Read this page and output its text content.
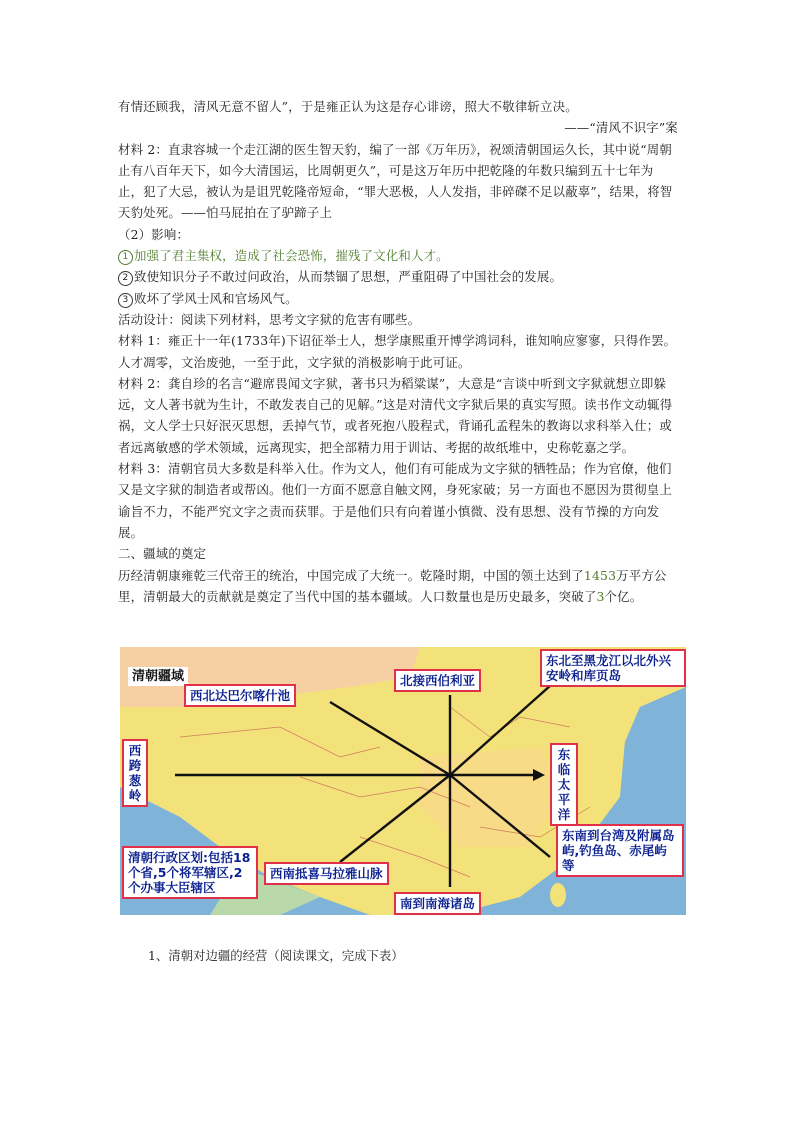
有情还顾我，清风无意不留人”，于是雍正认为这是存心诽谤，照大不敬律斩立决。

——“清风不识字”案

材料 2：直隶容城一个走江湖的医生智天豹，编了一部《万年历》，祝颂清朝国运久长，其中说“周朝止有八百年天下，如今大清国运，比周朝更久”，可是这万年历中把乾隆的年数只编到五十七年为止，犯了大忌，被认为是诅咒乾隆帝短命，“罪大恶极，人人发指，非碎磔不足以蔽辜”，结果，将智天豹处死。——怕马屁拍在了驴蹄子上

（2）影响：

1 加强了君主集权，造成了社会恐怖，摧残了文化和人才。

2 致使知识分子不敢过问政治，从而禁锢了思想，严重阻碍了中国社会的发展。

3 败坏了学风士风和官场风气。

活动设计：阅读下列材料，思考文字狱的危害有哪些。

材料 1：雍正十一年(1733年)下诏征举士人，想学康熙重开博学鸿词科，谁知响应寥寥，只得作罢。人才凋零，文治废弛，一至于此，文字狱的消极影响于此可证。

材料 2：龚自珍的名言“避席畏闻文字狱，著书只为稻粱谋”，大意是“言谈中听到文字狱就想立即躲远，文人著书就为生计，不敢发表自己的见解。”这是对清代文字狱后果的真实写照。读书作文动辄得祸，文人学士只好泯灭思想，丢掉气节，或者死抱八股程式，背诵孔孟程朱的教诲以求科举入仕；或者远离敏感的学术领域，远离现实，把全部精力用于训诂、考据的故纸堆中，史称乾嘉之学。

材料 3：清朝官员大多数是科举入仕。作为文人，他们有可能成为文字狱的牺牲品；作为官僚，他们又是文字狱的制造者或帮凶。他们一方面不愿意自触文网，身死家破；另一方面也不愿因为贯彻皇上谕旨不力，不能严究文字之责而获罪。于是他们只有向着谨小慎微、没有思想、没有节操的方向发展。

二、疆域的奠定

历经清朝康雍乾三代帝王的统治，中国完成了大统一。乾隆时期，中国的领土达到了1453万平方公里，清朝最大的贡献就是奠定了当代中国的基本疆域。人口数量也是历史最多，突破了3个亿。

清朝疆域
西北达巴尔喀什池
北接西伯利亚
东北至黑龙江以北外兴安岭和库页岛
西跨葱岭
东临太平洋
东南到台湾及附属岛屿,钓鱼岛、赤尾屿等
西南抵喜马拉雅山脉
南到南海诸岛
清朝行政区划:包括18个省,5个将军辖区,2个办事大臣辖区
1、清朝对边疆的经营（阅读课文，完成下表）
